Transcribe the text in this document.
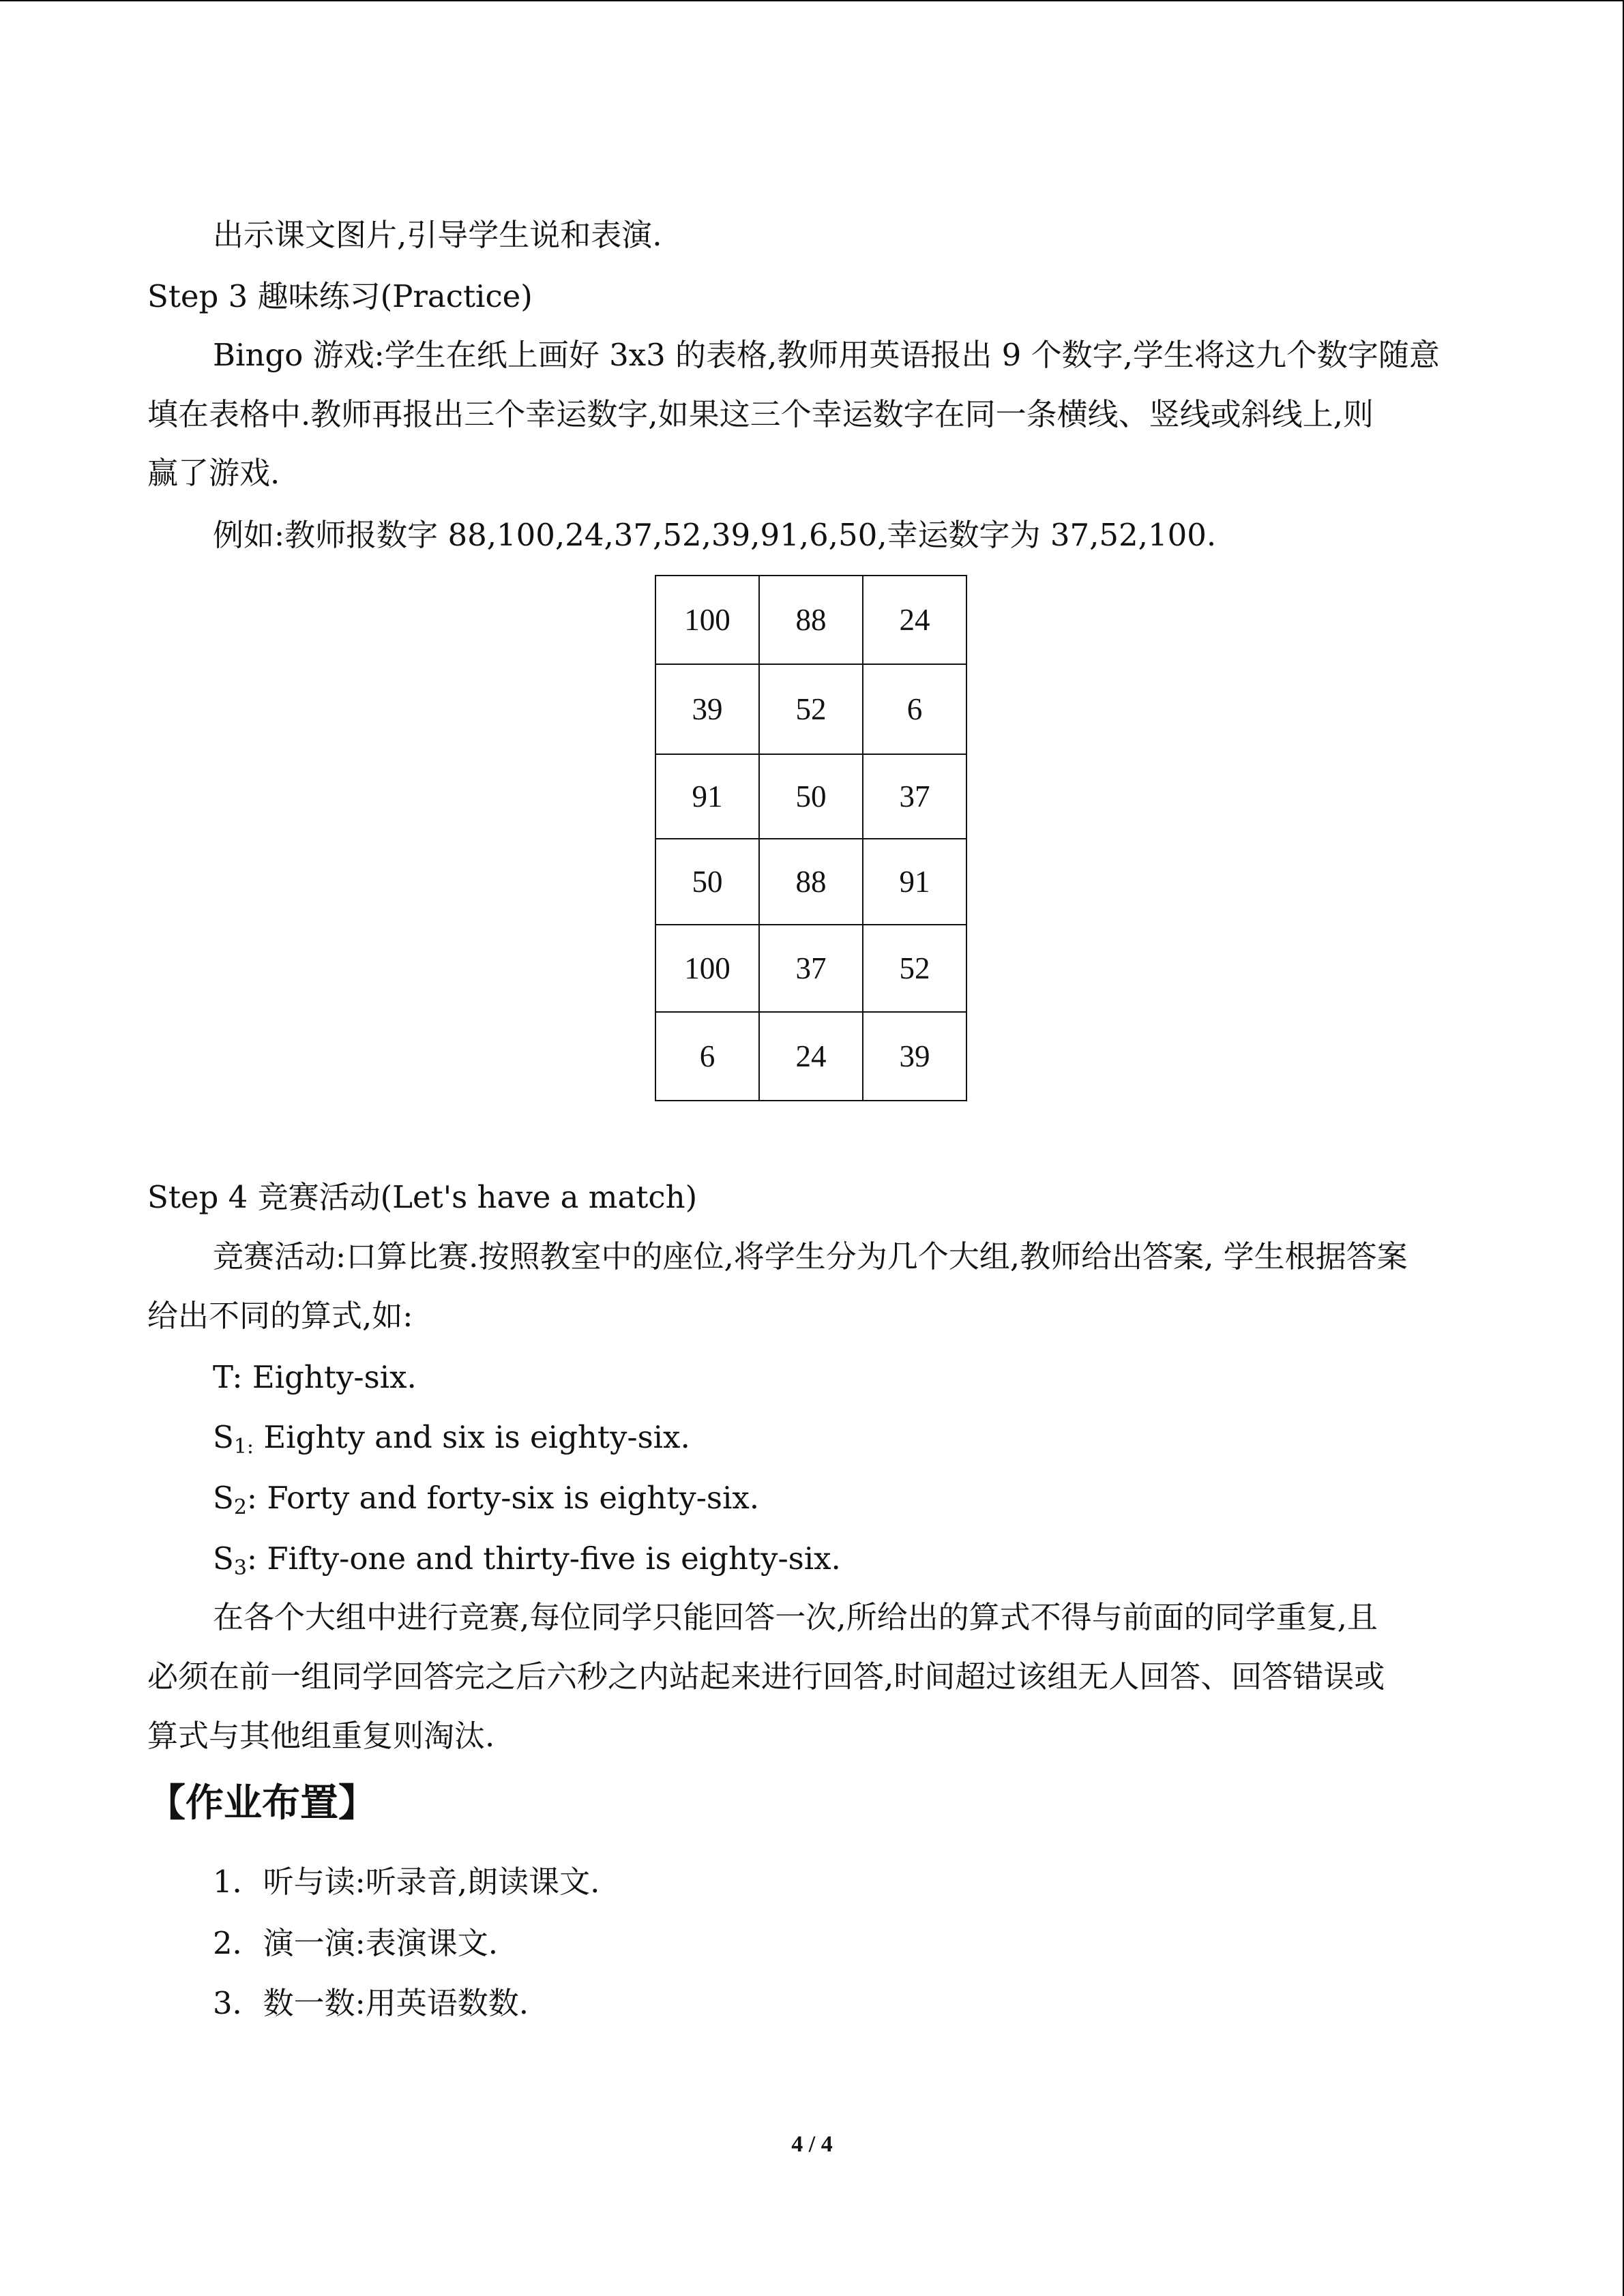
出示课文图片,引导学生说和表演.
Step 3 趣味练习(Practice)
Bingo 游戏:学生在纸上画好 3x3 的表格,教师用英语报出 9 个数字,学生将这九个数字随意
填在表格中.教师再报出三个幸运数字,如果这三个幸运数字在同一条横线、竖线或斜线上,则
赢了游戏.
例如:教师报数字 88,100,24,37,52,39,91,6,50,幸运数字为 37,52,100.
100	88	24
39	52	6
91	50	37
50	88	91
100	37	52
6	24	39
Step 4 竞赛活动(Let's have a match)
竞赛活动:口算比赛.按照教室中的座位,将学生分为几个大组,教师给出答案, 学生根据答案
给出不同的算式,如:
T: Eighty-six.
$S_{1:}$ Eighty and six is eighty-six.
$S_2$: Forty and forty-six is eighty-six.
$S_3$: Fifty-one and thirty-five is eighty-six.
在各个大组中进行竞赛,每位同学只能回答一次,所给出的算式不得与前面的同学重复,且
必须在前一组同学回答完之后六秒之内站起来进行回答,时间超过该组无人回答、回答错误或
算式与其他组重复则淘汰.
【作业布置】
1．听与读:听录音,朗读课文.
2．演一演:表演课文.
3．数一数:用英语数数.
4 / 4
